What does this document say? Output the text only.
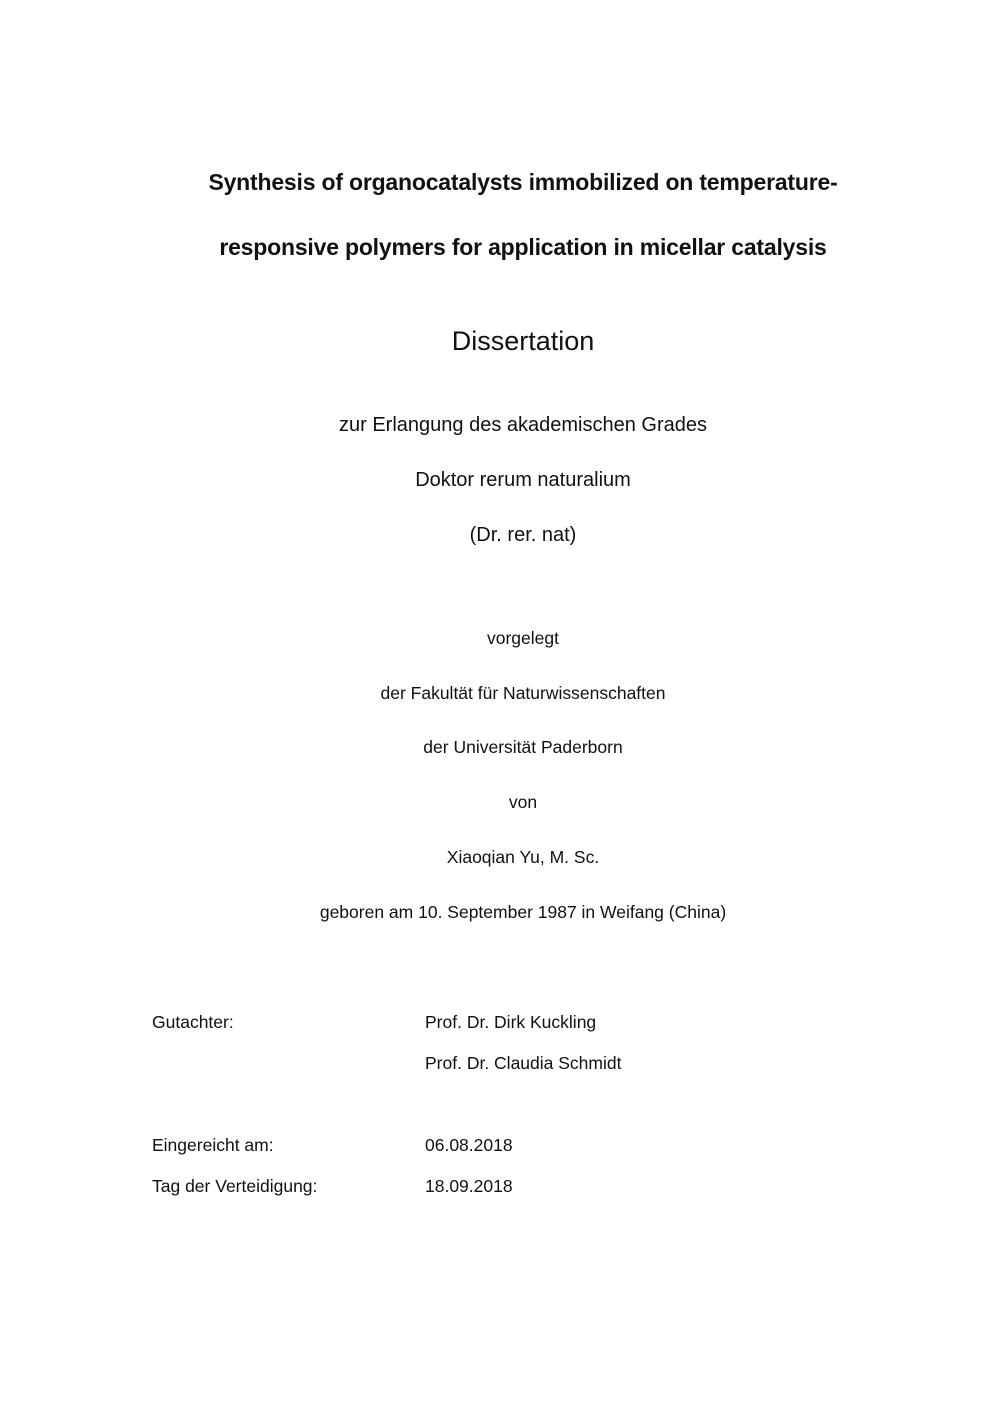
Synthesis of organocatalysts immobilized on temperature-
responsive polymers for application in micellar catalysis
Dissertation
zur Erlangung des akademischen Grades
Doktor rerum naturalium
(Dr. rer. nat)
vorgelegt
der Fakultät für Naturwissenschaften
der Universität Paderborn
von
Xiaoqian Yu, M. Sc.
geboren am 10. September 1987 in Weifang (China)
Gutachter:	Prof. Dr. Dirk Kuckling
Prof. Dr. Claudia Schmidt
Eingereicht am:	06.08.2018
Tag der Verteidigung:	18.09.2018
